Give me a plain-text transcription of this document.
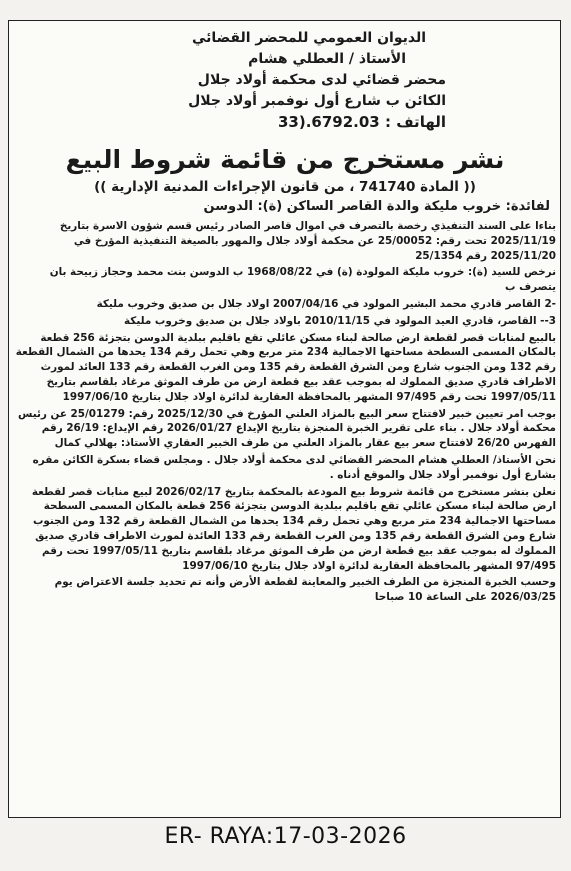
الديوان العمومي للمحضر القضائي
الأستاذ / العطلي هشام
محضر قضائي لدى محكمة أولاد جلال
الكائن ب شارع أول نوفمبر أولاد جلال
الهاتف : 6792.03.(33
نشر مستخرج من قائمة شروط البيع
(( المادة 741740 ، من قانون الإجراءات المدنية الإدارية ))
لفائدة: خروب مليكة والدة القاصر الساكن (ة): الدوسن

بناءا على السند التنفيذي رخصة بالتصرف في اموال قاصر الصادر رئيس قسم شؤون الاسرة بتاريخ 2025/11/19 تحت رقم: 25/00052 عن محكمة أولاد جلال والمهور بالصيغة التنفيذية المؤرخ في 2025/11/20 رقم 25/1354

نرخص للسيد (ة): خروب مليكة المولودة (ة) في 1968/08/22 ب الدوسن بنت محمد وحجاز زبيحة بان يتصرف ب

-2 القاصر قادري محمد البشير المولود في 2007/04/16 اولاد جلال بن صديق وخروب مليكة

3-- القاصر، قادري العيد المولود في 2010/11/15 باولاد جلال بن صديق وخروب مليكة

بالبيع لمنابات قصر لقطعة ارض صالحة لبناء مسكن عائلي تقع باقليم ببلدية الدوسن بتجزئة 256 قطعة بالمكان المسمى السطحة مساحتها الاجمالية 234 متر مربع وهي تحمل رقم 134 يحدها من الشمال القطعة رقم 132 ومن الجنوب شارع ومن الشرق القطعة رقم 135 ومن الغرب القطعة رقم 133 العائد لمورث الاطراف قادري صديق المملوك له بموجب عقد بيع قطعة ارض من طرف الموثق مرغاد بلقاسم بتاريخ 1997/05/11 تحت رقم 97/495 المشهر بالمحافظة العقارية لدائرة اولاد جلال بتاريخ 1997/06/10

بوجب امر تعيين خبير لافتتاح سعر البيع بالمزاد العلني المؤرخ في 2025/12/30 رقم: 25/01279 عن رئيس محكمة أولاد جلال . بناء على تقرير الخبرة المنجزة بتاريخ الإيداع 2026/01/27 رقم الإيداع: 26/19 رقم الفهرس 26/20 لافتتاح سعر بيع عقار بالمزاد العلني من طرف الخبير العقاري الأستاذ: بهلالي كمال

نحن الأستاذ/ العطلي هشام المحضر القضائي لدى محكمة أولاد جلال . ومجلس قضاء بسكرة الكائن مقره بشارع أول نوفمبر أولاد جلال والموقع أدناه .

نعلن بنشر مستخرج من قائمة شروط بيع المودعة بالمحكمة بتاريخ 2026/02/17 لبيع منابات قصر لقطعة ارض صالحة لبناء مسكن عائلي تقع باقليم ببلدية الدوسن بتجزئة 256 قطعة بالمكان المسمى السطحة مساحتها الاجمالية 234 متر مربع وهي تحمل رقم 134 يحدها من الشمال القطعة رقم 132 ومن الجنوب شارع ومن الشرق القطعة رقم 135 ومن الغرب القطعة رقم 133 العائدة لمورث الاطراف قادري صديق المملوك له بموجب عقد بيع قطعة ارض من طرف الموثق مرغاد بلقاسم بتاريخ 1997/05/11 تحت رقم 97/495 المشهر بالمحافظة العقارية لدائرة اولاد جلال بتاريخ 1997/06/10

وحسب الخبرة المنجزة من الطرف الخبير والمعاينة لقطعة الأرض وأنه تم تحديد جلسة الاعتراض يوم 2026/03/25 على الساعة 10 صباحا

ER- RAYA:17-03-2026
